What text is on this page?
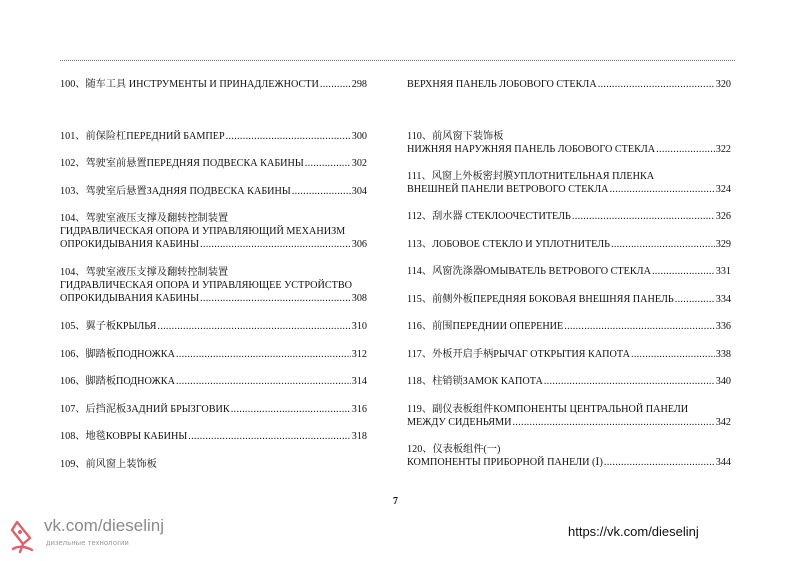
100、随车工具 ИНСТРУМЕНТЫ И ПРИНАДЛЕЖНОСТИ .....	298
101、前保险杠ПЕРЕДНИЙ БАМПЕР .....	300
102、驾驶室前悬置ПЕРЕДНЯЯ ПОДВЕСКА КАБИНЫ .....	302
103、驾驶室后悬置ЗАДНЯЯ ПОДВЕСКА КАБИНЫ .....	304
104、驾驶室液压支撑及翻转控制装置
ГИДРАВЛИЧЕСКАЯ ОПОРА И УПРАВЛЯЮЩИЙ МЕХАНИЗМ
ОПРОКИДЫВАНИЯ КАБИНЫ .....	306
104、驾驶室液压支撑及翻转控制装置
ГИДРАВЛИЧЕСКАЯ ОПОРА И УПРАВЛЯЮЩЕЕ УСТРОЙСТВО
ОПРОКИДЫВАНИЯ КАБИНЫ .....	308
105、翼子板КРЫЛЬЯ .....	310
106、脚踏板ПОДНОЖКА .....	312
106、脚踏板ПОДНОЖКА .....	314
107、后挡泥板ЗАДНИЙ БРЫЗГОВИК .....	316
108、地毯КОВРЫ КАБИНЫ .....	318
109、前风窗上装饰板
ВЕРХНЯЯ ПАНЕЛЬ ЛОБОВОГО СТЕКЛА .....	320
110、前风窗下装饰板
НИЖНЯЯ НАРУЖНЯЯ ПАНЕЛЬ ЛОБОВОГО СТЕКЛА .....	322
111、风窗上外板密封膜УПЛОТНИТЕЛЬНАЯ ПЛЕНКА
ВНЕШНЕЙ ПАНЕЛИ ВЕТРОВОГО СТЕКЛА .....	324
112、刮水器 СТЕКЛООЧЕСТИТЕЛЬ .....	326
113、ЛОБОВОЕ СТЕКЛО И УПЛОТНИТЕЛЬ .....	329
114、风窗洗涤器ОМЫВАТЕЛЬ ВЕТРОВОГО СТЕКЛА .....	331
115、前侧外板ПЕРЕДНЯЯ БОКОВАЯ ВНЕШНЯЯ ПАНЕЛЬ .....	334
116、前围ПЕРЕДНИИ ОПЕРЕНИЕ .....	336
117、外板开启手柄РЫЧАГ ОТКРЫТИЯ КАПОТА .....	338
118、柱销锁ЗАМОК КАПОТА .....	340
119、副仪表板组件КОМПОНЕНТЫ ЦЕНТРАЛЬНОЙ ПАНЕЛИ
МЕЖДУ СИДЕНЬЯМИ .....	342
120、仪表板组件(一)
КОМПОНЕНТЫ ПРИБОРНОЙ ПАНЕЛИ (Ⅰ) .....	344
7
vk.com/dieselinj
дизельные технологии
https://vk.com/dieselinj
